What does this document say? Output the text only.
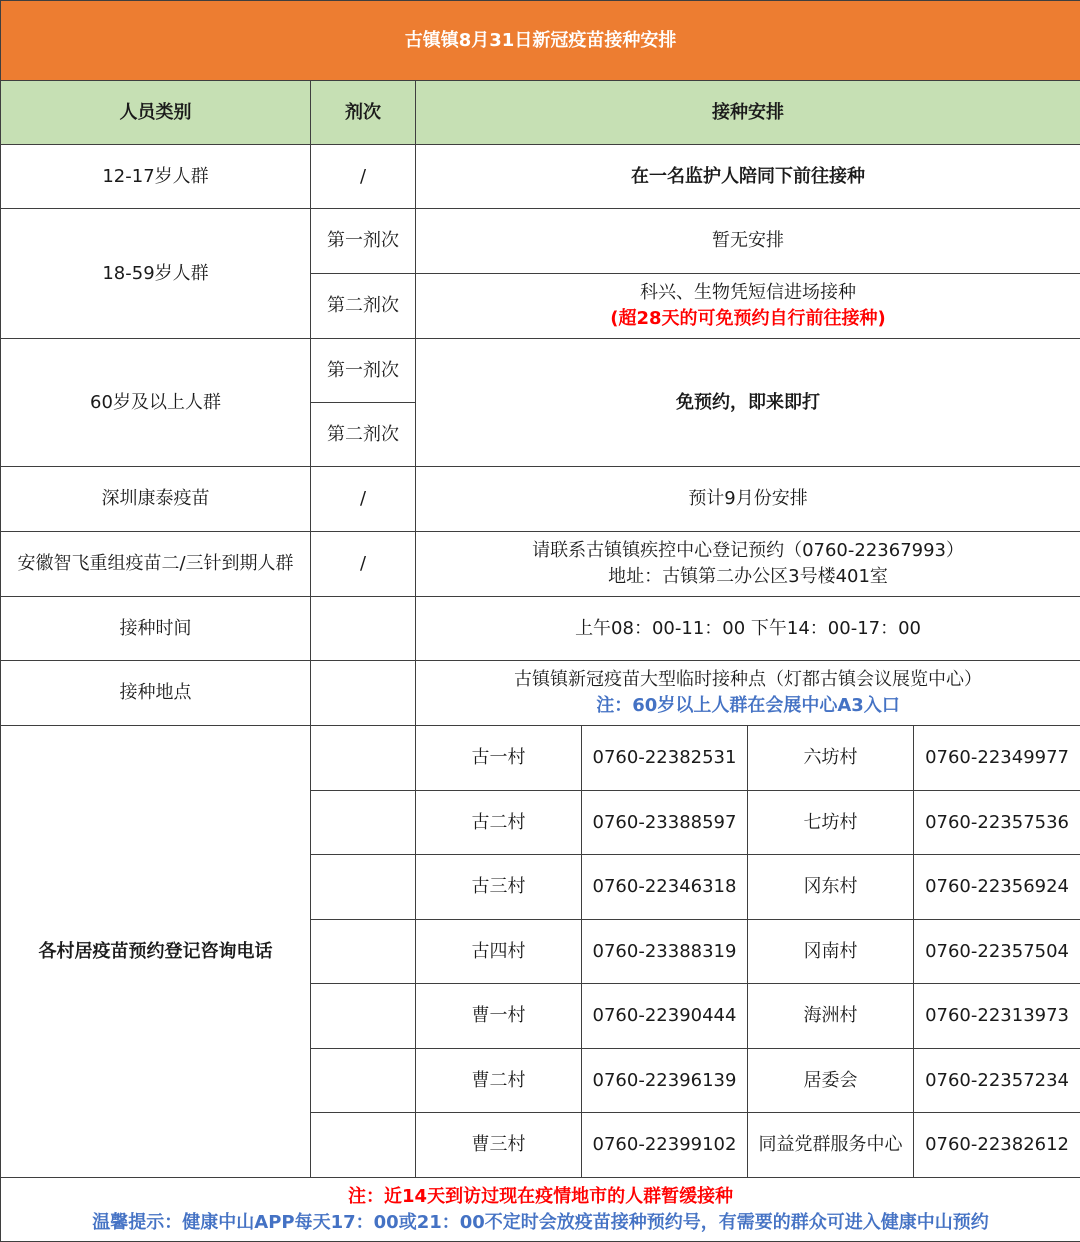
古镇镇8月31日新冠疫苗接种安排					
人员类别	剂次	接种安排			
12-17岁人群	/	在一名监护人陪同下前往接种			
18-59岁人群	第一剂次	暂无安排			
	第二剂次	科兴、生物凭短信进场接种
(超28天的可免预约自行前往接种)			

60岁及以上人群	第一剂次	免预约，即来即打			
	第二剂次				
深圳康泰疫苗	/	预计9月份安排			
安徽智飞重组疫苗二/三针到期人群	/	请联系古镇镇疾控中心登记预约（0760-22367993）
地址：古镇第二办公区3号楼401室			

接种时间		上午08：00-11：00 下午14：00-17：00			
接种地点		古镇镇新冠疫苗大型临时接种点（灯都古镇会议展览中心）
注：60岁以上人群在会展中心A3入口			

各村居疫苗预约登记咨询电话		古一村	0760-22382531	六坊村	0760-22349977
		古二村	0760-23388597	七坊村	0760-22357536
		古三村	0760-22346318	冈东村	0760-22356924
		古四村	0760-23388319	冈南村	0760-22357504
		曹一村	0760-22390444	海洲村	0760-22313973
		曹二村	0760-22396139	居委会	0760-22357234
		曹三村	0760-22399102	同益党群服务中心	0760-22382612

注：近14天到访过现在疫情地市的人群暂缓接种
温馨提示：健康中山APP每天17：00或21：00不定时会放疫苗接种预约号，有需要的群众可进入健康中山预约					
